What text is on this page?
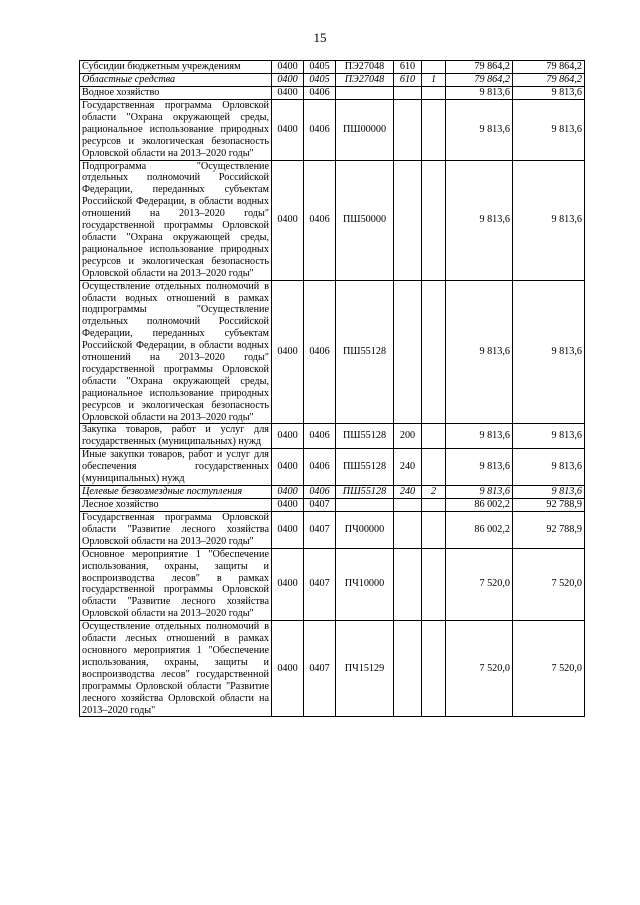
15
Субсидии бюджетным учреждениям	0400	0405	ПЭ27048	610		79 864,2	79 864,2
Областные средства	0400	0405	ПЭ27048	610	1	79 864,2	79 864,2
Водное хозяйство	0400	0406				9 813,6	9 813,6
Государственная программа Орловской области "Охрана окружающей среды, рациональное использование природных ресурсов и экологическая безопасность Орловской области на 2013–2020 годы"	0400	0406	ПШ00000			9 813,6	9 813,6
Подпрограмма "Осуществление отдельных полномочий Российской Федерации, переданных субъектам Российской Федерации, в области водных отношений на 2013–2020 годы" государственной программы Орловской области "Охрана окружающей среды, рациональное использование природных ресурсов и экологическая безопасность Орловской области на 2013–2020 годы"	0400	0406	ПШ50000			9 813,6	9 813,6
Осуществление отдельных полномочий в области водных отношений в рамках подпрограммы "Осуществление отдельных полномочий Российской Федерации, переданных субъектам Российской Федерации, в области водных отношений на 2013–2020 годы" государственной программы Орловской области "Охрана окружающей среды, рациональное использование природных ресурсов и экологическая безопасность Орловской области на 2013–2020 годы"	0400	0406	ПШ55128			9 813,6	9 813,6
Закупка товаров, работ и услуг для государственных (муниципальных) нужд	0400	0406	ПШ55128	200		9 813,6	9 813,6
Иные закупки товаров, работ и услуг для обеспечения государственных (муниципальных) нужд	0400	0406	ПШ55128	240		9 813,6	9 813,6
Целевые безвозмездные поступления	0400	0406	ПШ55128	240	2	9 813,6	9 813,6
Лесное хозяйство	0400	0407				86 002,2	92 788,9
Государственная программа Орловской области "Развитие лесного хозяйства Орловской области на 2013–2020 годы"	0400	0407	ПЧ00000			86 002,2	92 788,9
Основное мероприятие 1 "Обеспечение использования, охраны, защиты и воспроизводства лесов" в рамках государственной программы Орловской области "Развитие лесного хозяйства Орловской области на 2013–2020 годы"	0400	0407	ПЧ10000			7 520,0	7 520,0
Осуществление отдельных полномочий в области лесных отношений в рамках основного мероприятия 1 "Обеспечение использования, охраны, защиты и воспроизводства лесов" государственной программы Орловской области "Развитие лесного хозяйства Орловской области на 2013–2020 годы"	0400	0407	ПЧ15129			7 520,0	7 520,0
